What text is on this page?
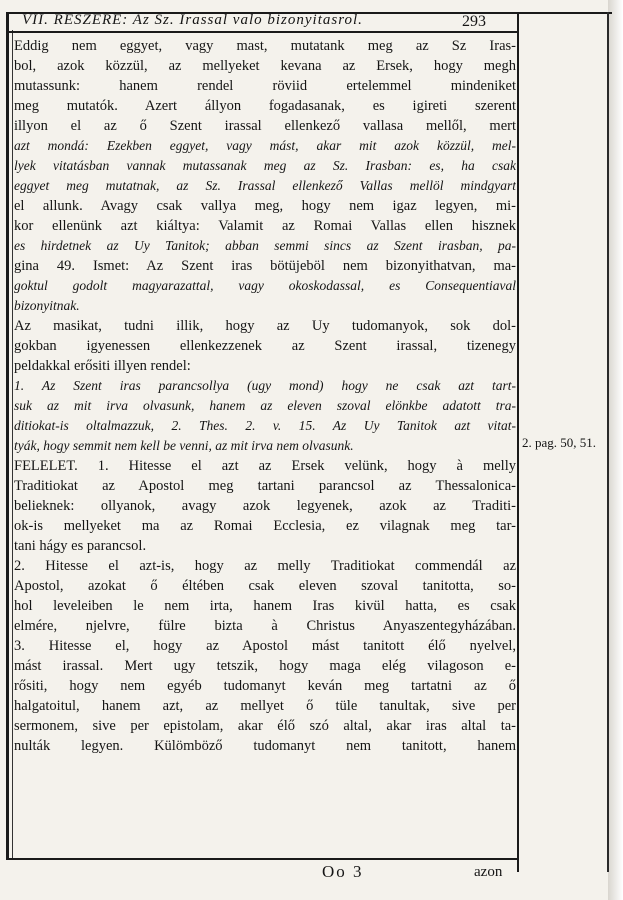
VII. RESZERE: Az Sz. Irassal valo bizonyitasrol.	293
Eddig nem eggyet, vagy mast, mutatank meg az Sz Iras-
bol, azok közzül, az mellyeket kevana az Ersek, hogy megh
mutassunk: hanem rendel röviid ertelemmel mindeniket
meg mutatók. Azert állyon fogadasanak, es igireti szerent
illyon el az ő Szent irassal ellenkező vallasa mellől, mert
azt mondá: Ezekben eggyet, vagy mást, akar mit azok közzül, mel-
lyek vitatásban vannak mutassanak meg az Sz. Irasban: es, ha csak
eggyet meg mutatnak, az Sz. Irassal ellenkező Vallas mellöl mindgyart
el allunk. Avagy csak vallya meg, hogy nem igaz legyen, mi-
kor ellenünk azt kiáltya: Valamit az Romai Vallas ellen hisznek
es hirdetnek az Uy Tanitok; abban semmi sincs az Szent irasban, pa-
gina 49. Ismet: Az Szent iras bötüjeböl nem bizonyithatvan, ma-
goktul godolt magyarazattal, vagy okoskodassal, es Consequentiaval
bizonyitnak.
Az masikat, tudni illik, hogy az Uy tudomanyok, sok dol-
gokban igyenessen ellenkezzenek az Szent irassal, tizenegy
peldakkal erősiti illyen rendel:
1. Az Szent iras parancsollya (ugy mond) hogy ne csak azt tart-
suk az mit irva olvasunk, hanem az eleven szoval elönkbe adatott tra-
ditiokat-is oltalmazzuk, 2. Thes. 2. v. 15. Az Uy Tanitok azt vitat-
tyák, hogy semmit nem kell be venni, az mit irva nem olvasunk.
FELELET. 1. Hitesse el azt az Ersek velünk, hogy à melly
Traditiokat az Apostol meg tartani parancsol az Thessalonica-
belieknek: ollyanok, avagy azok legyenek, azok az Traditi-
ok-is mellyeket ma az Romai Ecclesia, ez vilagnak meg tar-
tani hágy es parancsol.
2. Hitesse el azt-is, hogy az melly Traditiokat commendál az
Apostol, azokat ő éltében csak eleven szoval tanitotta, so-
hol leveleiben le nem irta, hanem Iras kivül hatta, es csak
elmére, njelvre, fülre bizta à Christus Anyaszentegyházában.
3. Hitesse el, hogy az Apostol mást tanitott élő nyelvel,
mást irassal. Mert ugy tetszik, hogy maga elég vilagoson e-
rősiti, hogy nem egyéb tudomanyt keván meg tartatni az ő
halgatoitul, hanem azt, az mellyet ő tüle tanultak, sive per
sermonem, sive per epistolam, akar élő szó altal, akar iras altal ta-
nulták legyen. Külömböző tudomanyt nem tanitott, hanem
2. pag. 50, 51.
Oo 3	azon
